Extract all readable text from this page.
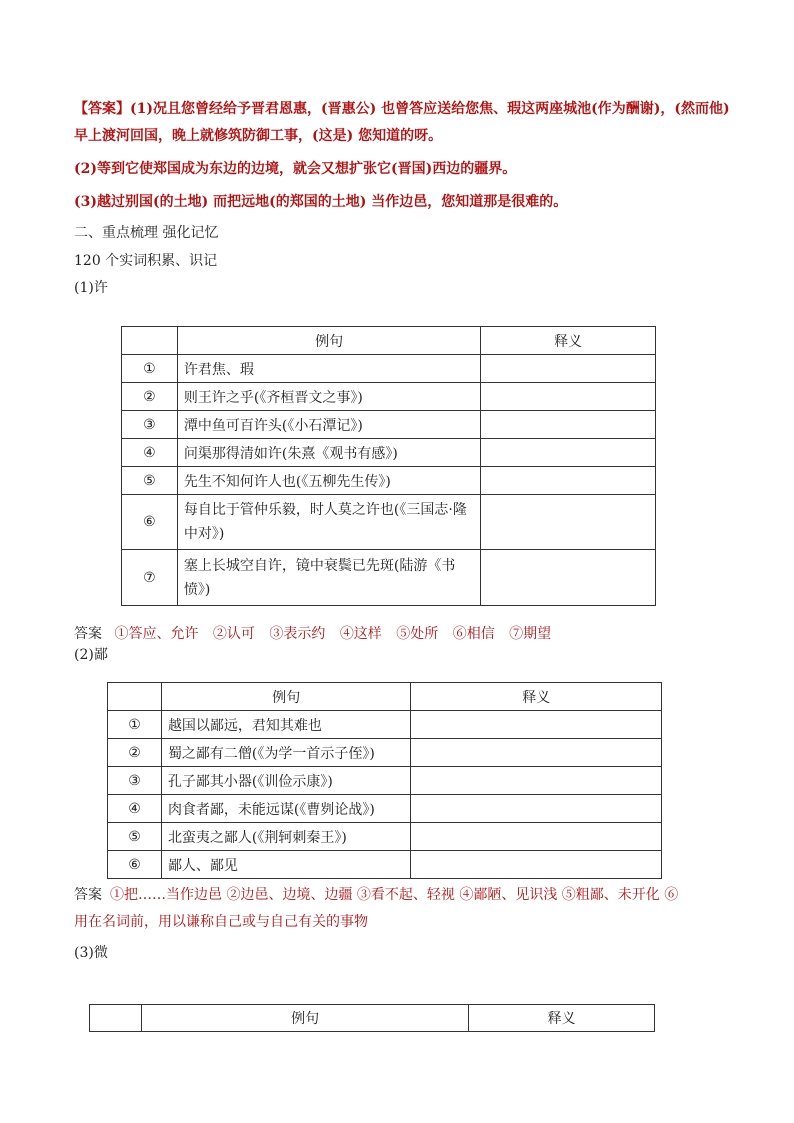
【答案】(1)况且您曾经给予晋君恩惠，(晋惠公) 也曾答应送给您焦、瑕这两座城池(作为酬谢)，(然而他)
早上渡河回国，晚上就修筑防御工事，(这是) 您知道的呀。
(2)等到它使郑国成为东边的边境，就会又想扩张它(晋国)西边的疆界。
(3)越过别国(的土地) 而把远地(的郑国的土地) 当作边邑，您知道那是很难的。
二、重点梳理 强化记忆
120 个实词积累、识记
(1)许
	例句	释义
①	许君焦、瑕	
②	则王许之乎(《齐桓晋文之事》)	
③	潭中鱼可百许头(《小石潭记》)	
④	问渠那得清如许(朱熹《观书有感》)	
⑤	先生不知何许人也(《五柳先生传》)	
⑥	每自比于管仲乐毅，时人莫之许也(《三国志·隆中对》)	
⑦	塞上长城空自许，镜中衰鬓已先斑(陆游《书愤》)	
答案 ①答应、允许 ②认可 ③表示约 ④这样 ⑤处所 ⑥相信 ⑦期望
(2)鄙
	例句	释义
①	越国以鄙远，君知其难也	
②	蜀之鄙有二僧(《为学一首示子侄》)	
③	孔子鄙其小器(《训俭示康》)	
④	肉食者鄙，未能远谋(《曹刿论战》)	
⑤	北蛮夷之鄙人(《荆轲刺秦王》)	
⑥	鄙人、鄙见	
答案 ①把……当作边邑 ②边邑、边境、边疆 ③看不起、轻视 ④鄙陋、见识浅 ⑤粗鄙、未开化 ⑥
用在名词前，用以谦称自己或与自己有关的事物
(3)微
	例句	释义
